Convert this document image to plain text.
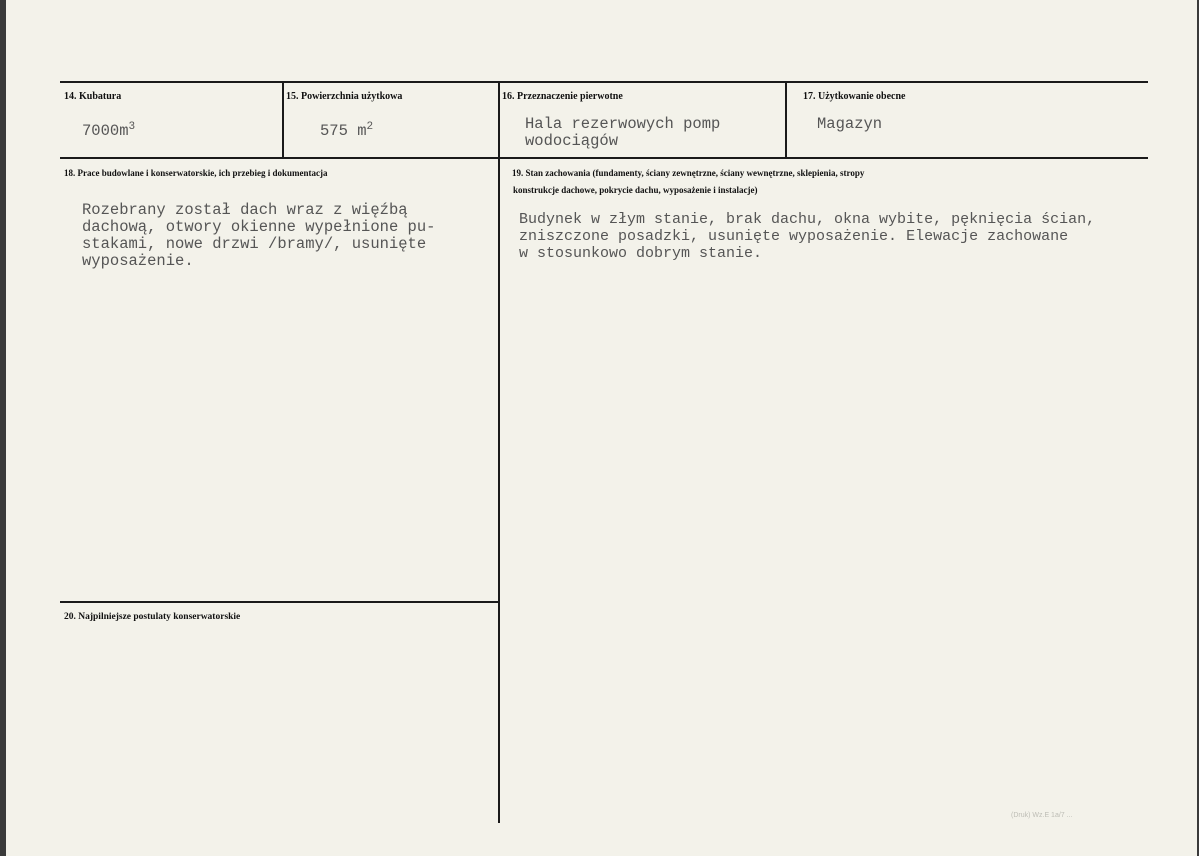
14. Kubatura
$7000m^3$
15. Powierzchnia użytkowa
575 $m^2$
16. Przeznaczenie pierwotne
Hala rezerwowych pomp
wodociągów
17. Użytkowanie obecne
Magazyn
18. Prace budowlane i konserwatorskie, ich przebieg i dokumentacja
Rozebrany został dach wraz z więźbą
dachową, otwory okienne wypełnione pu-
stakami, nowe drzwi /bramy/, usunięte
wyposażenie.
19. Stan zachowania (fundamenty, ściany zewnętrzne, ściany wewnętrzne, sklepienia, stropy
konstrukcje dachowe, pokrycie dachu, wyposażenie i instalacje)
Budynek w złym stanie, brak dachu, okna wybite, pęknięcia ścian,
zniszczone posadzki, usunięte wyposażenie. Elewacje zachowane
w stosunkowo dobrym stanie.
20. Najpilniejsze postulaty konserwatorskie
(Druk) Wz.E 1a/7 ...
